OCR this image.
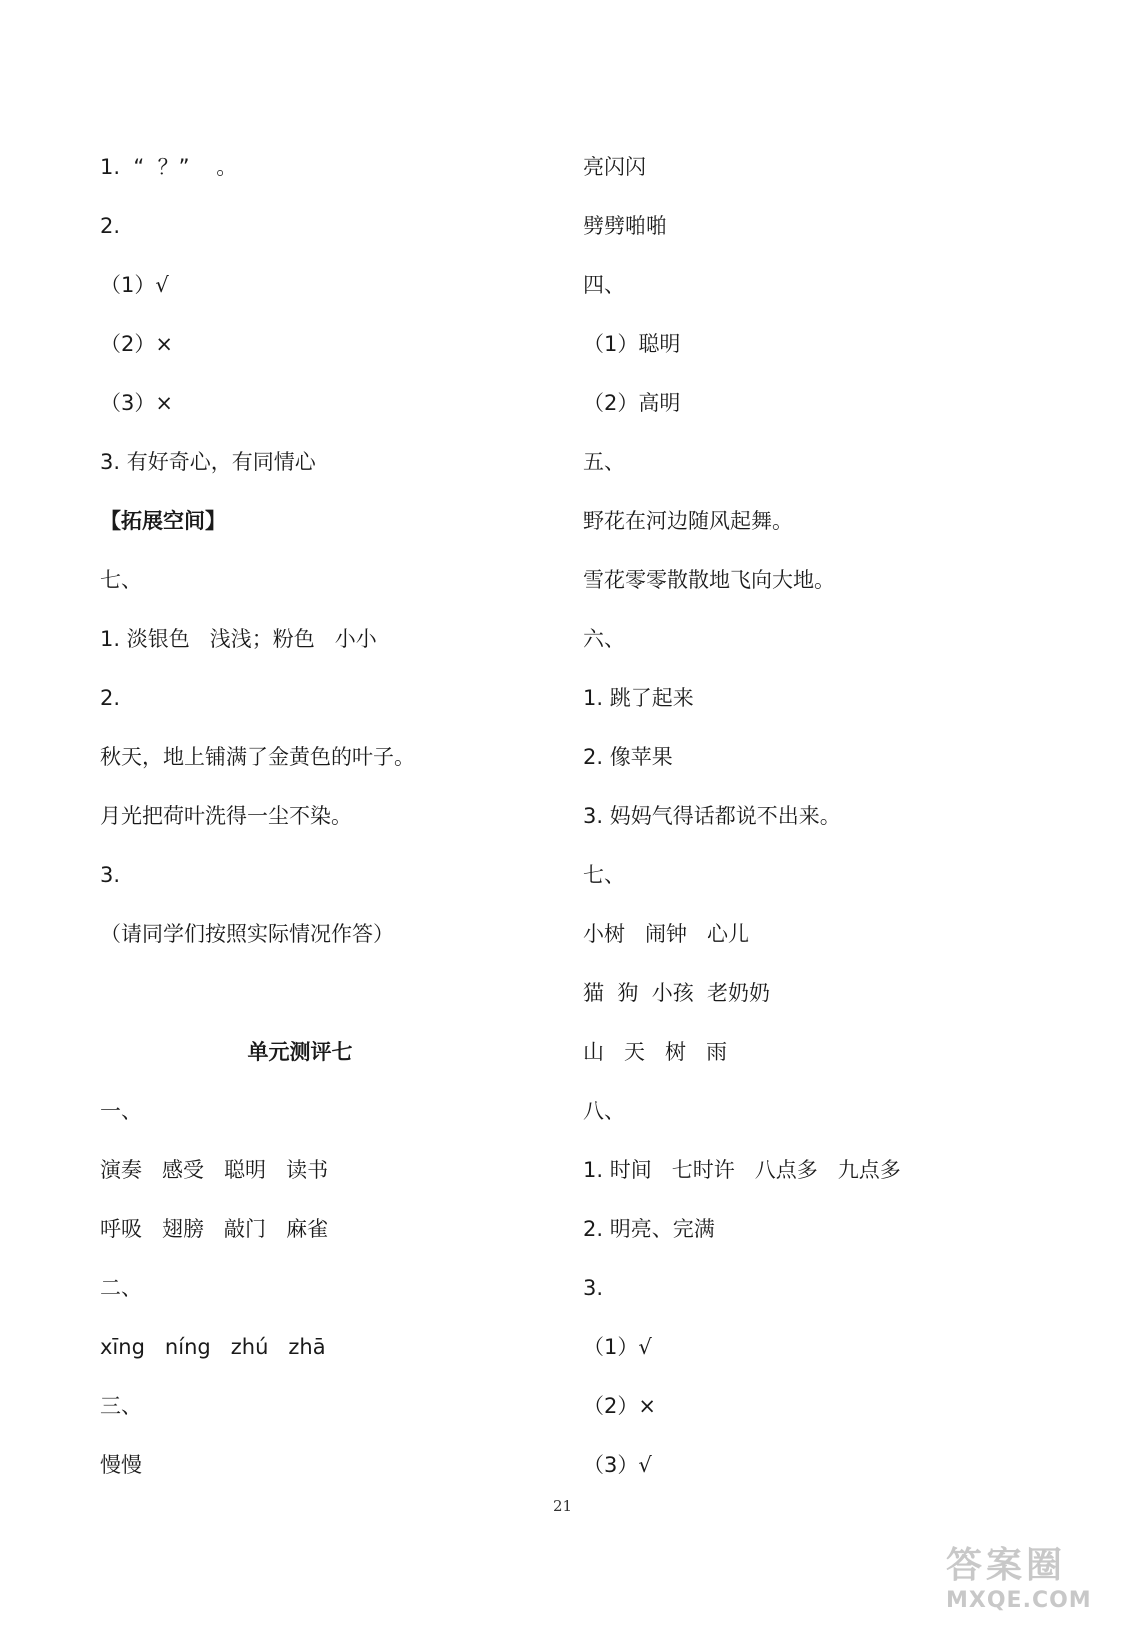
1.  “  ？”    。
2.
（1）√
（2）×
（3）×
3. 有好奇心，有同情心
【拓展空间】
七、
1. 淡银色   浅浅；粉色   小小
2.
秋天，地上铺满了金黄色的叶子。
月光把荷叶洗得一尘不染。
3.
（请同学们按照实际情况作答）
单元测评七
一、
演奏   感受   聪明   读书
呼吸   翅膀   敲门   麻雀
二、
xīng   níng   zhú   zhā
三、
慢慢
亮闪闪
劈劈啪啪
四、
（1）聪明
（2）高明
五、
野花在河边随风起舞。
雪花零零散散地飞向大地。
六、
1. 跳了起来
2. 像苹果
3. 妈妈气得话都说不出来。
七、
小树   闹钟   心儿
猫  狗  小孩  老奶奶
山   天   树   雨
八、
1. 时间   七时许   八点多   九点多
2. 明亮、完满
3.
（1）√
（2）×
（3）√
21
答案圈
MXQE.COM
